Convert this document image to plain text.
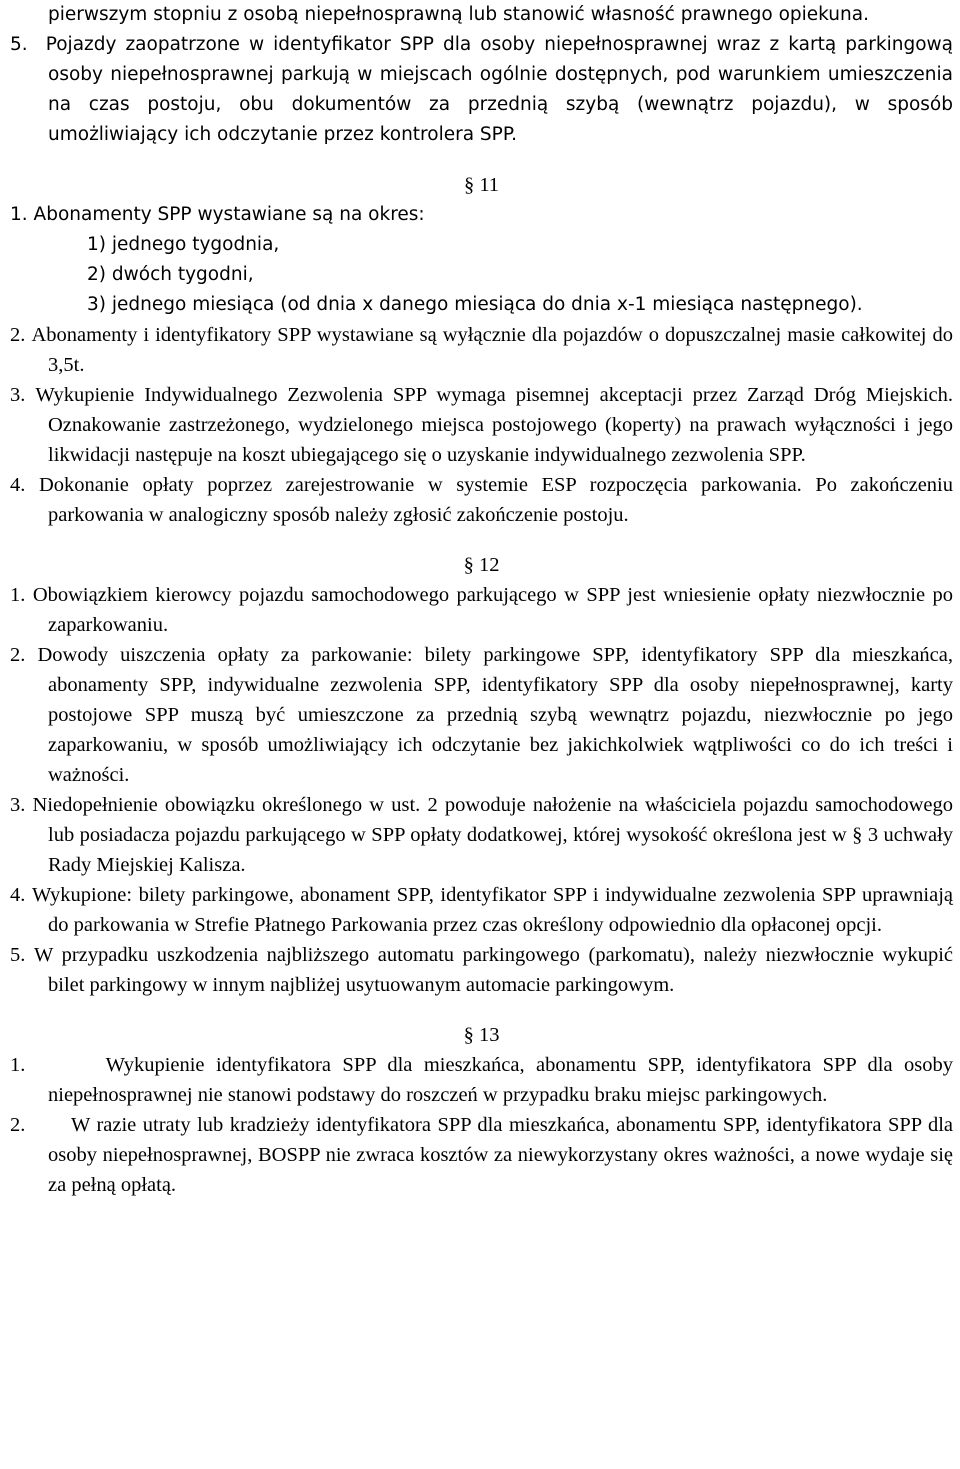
pierwszym stopniu z osobą niepełnosprawną lub stanowić własność prawnego opiekuna.

5. Pojazdy zaopatrzone w identyfikator SPP dla osoby niepełnosprawnej wraz z kartą parkingową osoby niepełnosprawnej parkują w miejscach ogólnie dostępnych, pod warunkiem umieszczenia na czas postoju, obu dokumentów za przednią szybą (wewnątrz pojazdu), w sposób umożliwiający ich odczytanie przez kontrolera SPP.

§ 11

1. Abonamenty SPP wystawiane są na okres:

1) jednego tygodnia,

2) dwóch tygodni,

3) jednego miesiąca (od dnia x danego miesiąca do dnia x-1 miesiąca następnego).

2. Abonamenty i identyfikatory SPP wystawiane są wyłącznie dla pojazdów o dopuszczalnej masie całkowitej do 3,5t.

3. Wykupienie Indywidualnego Zezwolenia SPP wymaga pisemnej akceptacji przez Zarząd Dróg Miejskich. Oznakowanie zastrzeżonego, wydzielonego miejsca postojowego (koperty) na prawach wyłączności i jego likwidacji następuje na koszt ubiegającego się o uzyskanie indywidualnego zezwolenia SPP.

4. Dokonanie opłaty poprzez zarejestrowanie w systemie ESP rozpoczęcia parkowania. Po zakończeniu parkowania w analogiczny sposób należy zgłosić zakończenie postoju.

§ 12

1. Obowiązkiem kierowcy pojazdu samochodowego parkującego w SPP jest wniesienie opłaty niezwłocznie po zaparkowaniu.

2. Dowody uiszczenia opłaty za parkowanie: bilety parkingowe SPP, identyfikatory SPP dla mieszkańca, abonamenty SPP, indywidualne zezwolenia SPP, identyfikatory SPP dla osoby niepełnosprawnej, karty postojowe SPP muszą być umieszczone za przednią szybą wewnątrz pojazdu, niezwłocznie po jego zaparkowaniu, w sposób umożliwiający ich odczytanie bez jakichkolwiek wątpliwości co do ich treści i ważności.

3. Niedopełnienie obowiązku określonego w ust. 2 powoduje nałożenie na właściciela pojazdu samochodowego lub posiadacza pojazdu parkującego w SPP opłaty dodatkowej, której wysokość określona jest w § 3 uchwały Rady Miejskiej Kalisza.

4. Wykupione: bilety parkingowe, abonament SPP, identyfikator SPP i indywidualne zezwolenia SPP uprawniają do parkowania w Strefie Płatnego Parkowania przez czas określony odpowiednio dla opłaconej opcji.

5. W przypadku uszkodzenia najbliższego automatu parkingowego (parkomatu), należy niezwłocznie wykupić bilet parkingowy w innym najbliżej usytuowanym automacie parkingowym.

§ 13

1.	Wykupienie identyfikatora SPP dla mieszkańca, abonamentu SPP, identyfikatora SPP dla osoby niepełnosprawnej nie stanowi podstawy do roszczeń w przypadku braku miejsc parkingowych.

2. W razie utraty lub kradzieży identyfikatora SPP dla mieszkańca, abonamentu SPP, identyfikatora SPP dla osoby niepełnosprawnej, BOSPP nie zwraca kosztów za niewykorzystany okres ważności, a nowe wydaje się za pełną opłatą.
